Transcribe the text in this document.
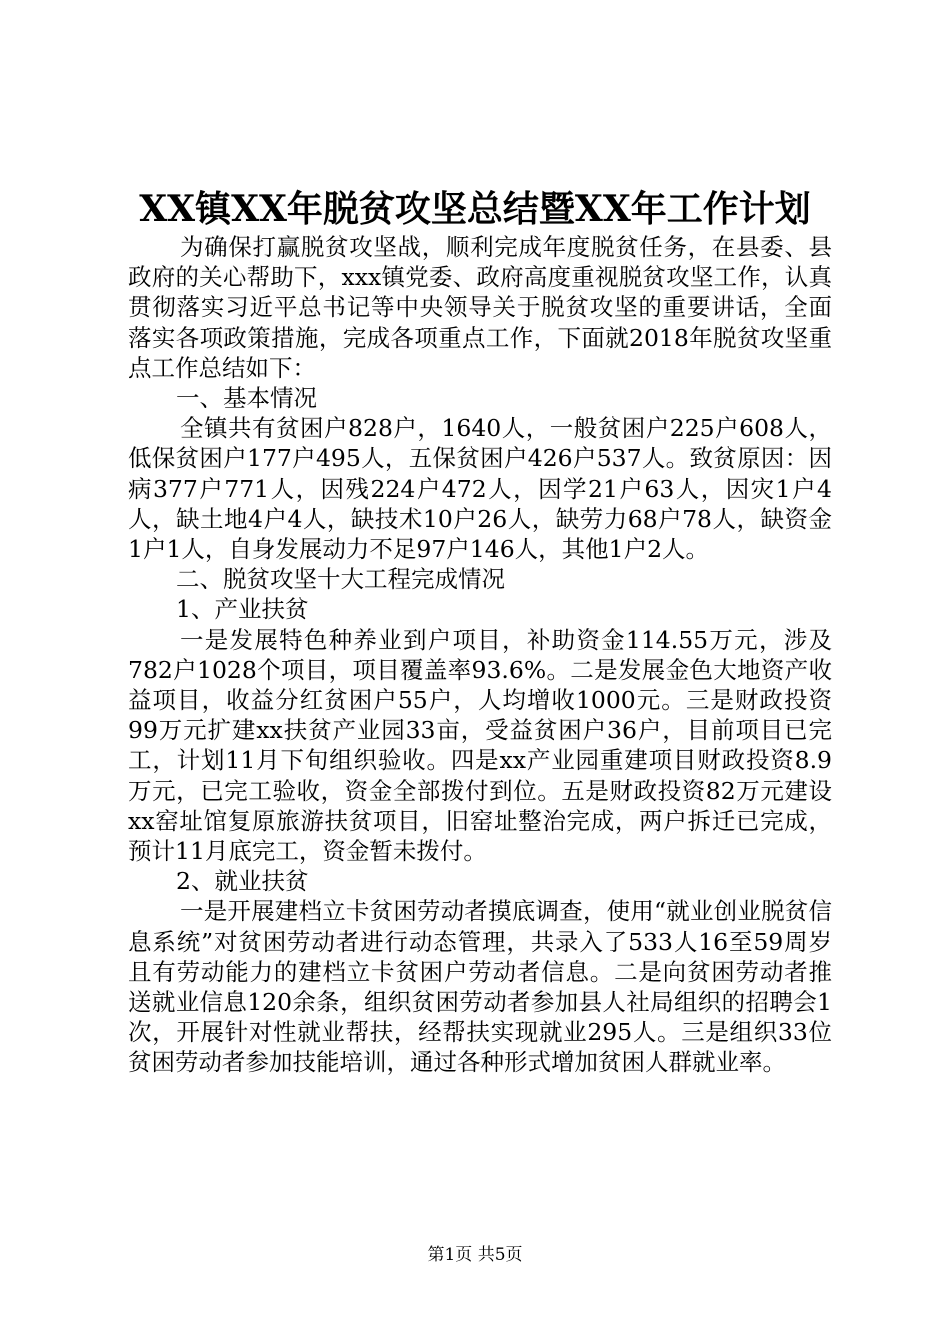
XX镇XX年脱贫攻坚总结暨XX年工作计划

为确保打赢脱贫攻坚战，顺利完成年度脱贫任务，在县委、县政府的关心帮助下，xxx镇党委、政府高度重视脱贫攻坚工作，认真贯彻落实习近平总书记等中央领导关于脱贫攻坚的重要讲话，全面落实各项政策措施，完成各项重点工作，下面就2018年脱贫攻坚重点工作总结如下：

一、基本情况

全镇共有贫困户828户，1640人，一般贫困户225户608人，低保贫困户177户495人，五保贫困户426户537人。致贫原因：因病377户771人，因残224户472人，因学21户63人，因灾1户4人，缺土地4户4人，缺技术10户26人，缺劳力68户78人，缺资金1户1人，自身发展动力不足97户146人，其他1户2人。

二、脱贫攻坚十大工程完成情况

1、产业扶贫

一是发展特色种养业到户项目，补助资金114.55万元，涉及782户1028个项目，项目覆盖率93.6%。二是发展金色大地资产收益项目，收益分红贫困户55户，人均增收1000元。三是财政投资99万元扩建xx扶贫产业园33亩，受益贫困户36户，目前项目已完工，计划11月下旬组织验收。四是xx产业园重建项目财政投资8.9万元，已完工验收，资金全部拨付到位。五是财政投资82万元建设xx窑址馆复原旅游扶贫项目，旧窑址整治完成，两户拆迁已完成，预计11月底完工，资金暂未拨付。

2、就业扶贫

一是开展建档立卡贫困劳动者摸底调查，使用“就业创业脱贫信息系统”对贫困劳动者进行动态管理，共录入了533人16至59周岁且有劳动能力的建档立卡贫困户劳动者信息。二是向贫困劳动者推送就业信息120余条，组织贫困劳动者参加县人社局组织的招聘会1次，开展针对性就业帮扶，经帮扶实现就业295人。三是组织33位贫困劳动者参加技能培训，通过各种形式增加贫困人群就业率。

第1页 共5页
